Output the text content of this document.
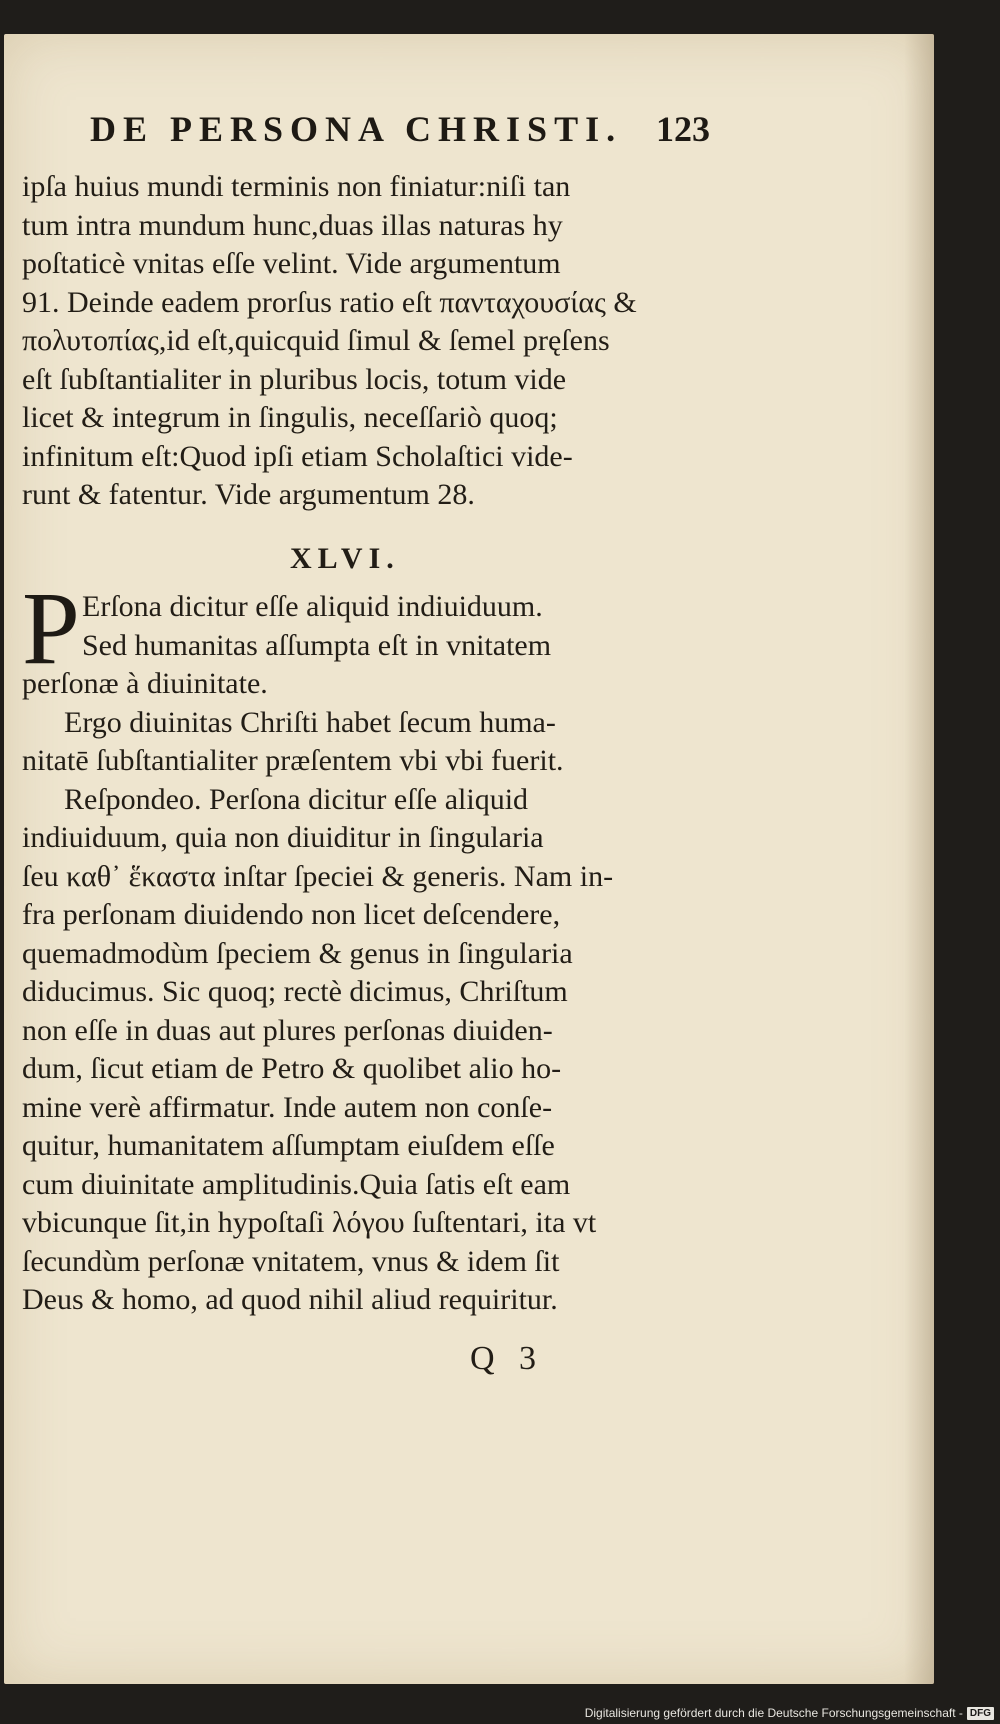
DE PERSONA CHRISTI. 123
ipſa huius mundi terminis non finiatur:niſi tan
tum intra mundum hunc,duas illas naturas hy
poſtaticè vnitas eſſe velint. Vide argumentum
91. Deinde eadem prorſus ratio eſt πανταχουσίας &
πολυτοπίας,id eſt,quicquid ſimul & ſemel pręſens
eſt ſubſtantialiter in pluribus locis, totum vide
licet & integrum in ſingulis, neceſſariò quoq;
infinitum eſt:Quod ipſi etiam Scholaſtici vide-
runt & fatentur. Vide argumentum 28.
XLVI.
P Erſona dicitur eſſe aliquid indiuiduum.
Sed humanitas aſſumpta eſt in vnitatem
perſonæ à diuinitate.
Ergo diuinitas Chriſti habet ſecum huma-
nitatē ſubſtantialiter præſentem vbi vbi fuerit.
Reſpondeo. Perſona dicitur eſſe aliquid
indiuiduum, quia non diuiditur in ſingularia
ſeu καθ᾽ ἕκαστα inſtar ſpeciei & generis. Nam in-
fra perſonam diuidendo non licet deſcendere,
quemadmodùm ſpeciem & genus in ſingularia
diducimus. Sic quoq; rectè dicimus, Chriſtum
non eſſe in duas aut plures perſonas diuiden-
dum, ſicut etiam de Petro & quolibet alio ho-
mine verè affirmatur. Inde autem non conſe-
quitur, humanitatem aſſumptam eiuſdem eſſe
cum diuinitate amplitudinis.Quia ſatis eſt eam
vbicunque ſit,in hypoſtaſi λόγου ſuſtentari, ita vt
ſecundùm perſonæ vnitatem, vnus & idem ſit
Deus & homo, ad quod nihil aliud requiritur.
Q 3
Digitalisierung gefördert durch die Deutsche Forschungsgemeinschaft - DFG
